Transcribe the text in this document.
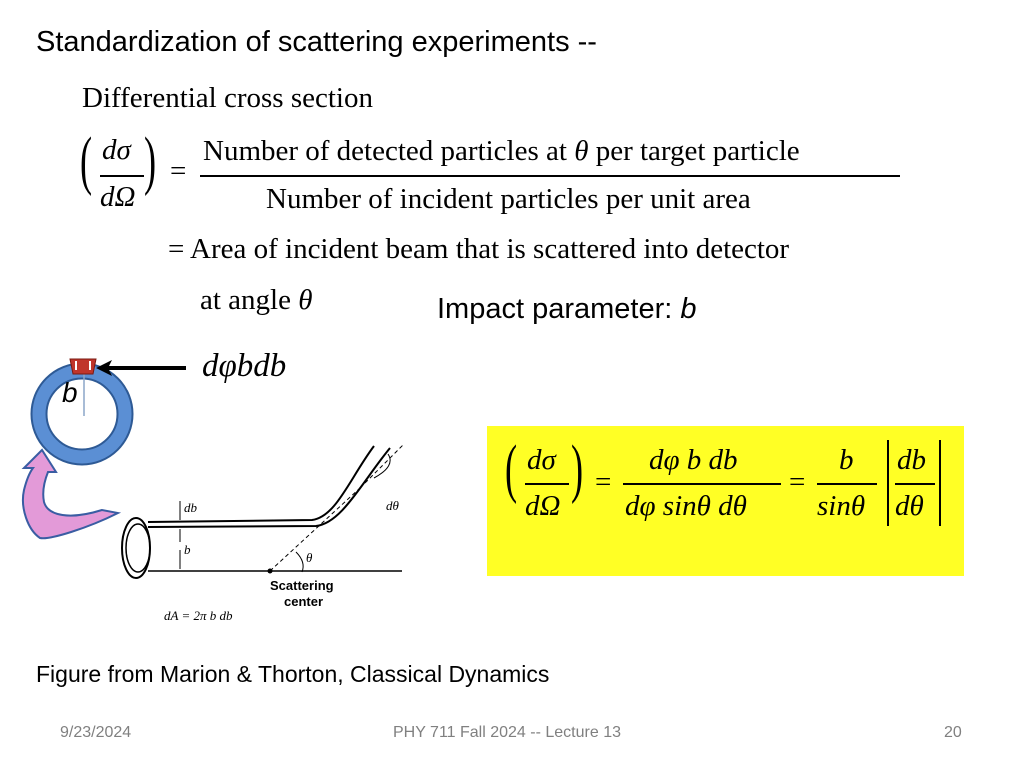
Standardization of scattering experiments --
Differential cross section
( dσ
dΩ ) =
Number of detected particles at θ per target particle
Number of incident particles per unit area
= Area of incident beam that is scattered into detector
at angle θ	Impact parameter: b
dφbdb
b
db
b
dθ
θ
Scattering
center
dA = 2π b db
( dσ
dΩ
) =
dφ b db
dφ sinθ dθ
=
b
sinθ
db
dθ
Figure from Marion & Thorton, Classical Dynamics
9/23/2024	PHY 711 Fall 2024 -- Lecture 13	20
